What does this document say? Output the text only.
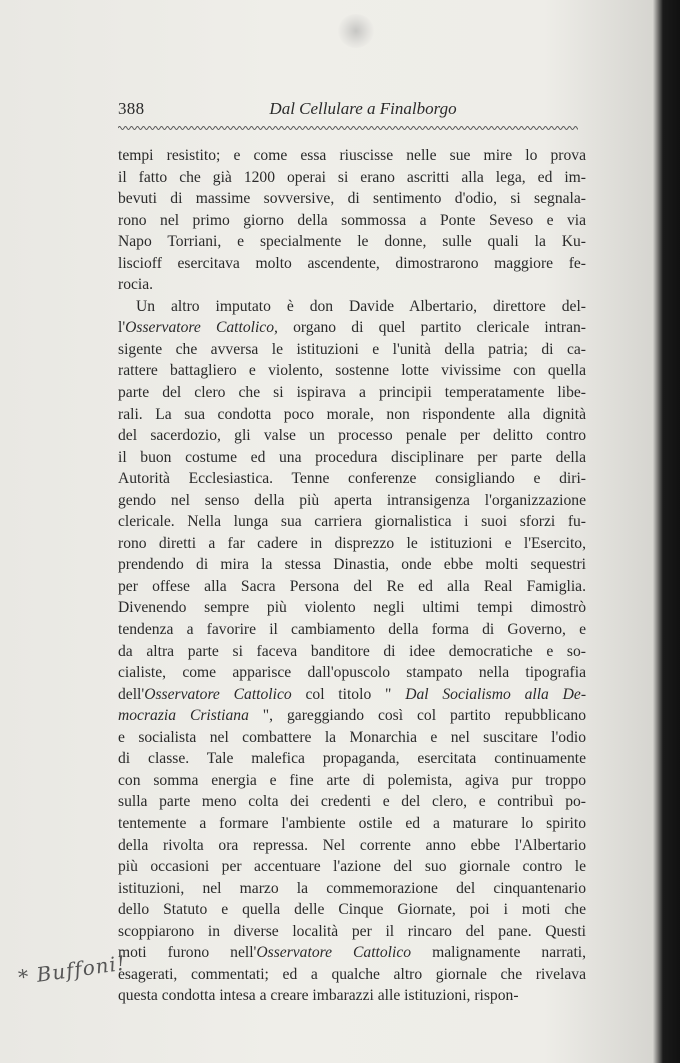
388	Dal Cellulare a Finalborgo
tempi resistito; e come essa riuscisse nelle sue mire lo prova
il fatto che già 1200 operai si erano ascritti alla lega, ed im-
bevuti di massime sovversive, di sentimento d'odio, si segnala-
rono nel primo giorno della sommossa a Ponte Seveso e via
Napo Torriani, e specialmente le donne, sulle quali la Ku-
liscioff esercitava molto ascendente, dimostrarono maggiore fe-
rocia.
Un altro imputato è don Davide Albertario, direttore del-
l'Osservatore Cattolico, organo di quel partito clericale intran-
sigente che avversa le istituzioni e l'unità della patria; di ca-
rattere battagliero e violento, sostenne lotte vivissime con quella
parte del clero che si ispirava a principii temperatamente libe-
rali. La sua condotta poco morale, non rispondente alla dignità
del sacerdozio, gli valse un processo penale per delitto contro
il buon costume ed una procedura disciplinare per parte della
Autorità Ecclesiastica. Tenne conferenze consigliando e diri-
gendo nel senso della più aperta intransigenza l'organizzazione
clericale. Nella lunga sua carriera giornalistica i suoi sforzi fu-
rono diretti a far cadere in disprezzo le istituzioni e l'Esercito,
prendendo di mira la stessa Dinastia, onde ebbe molti sequestri
per offese alla Sacra Persona del Re ed alla Real Famiglia.
Divenendo sempre più violento negli ultimi tempi dimostrò
tendenza a favorire il cambiamento della forma di Governo, e
da altra parte si faceva banditore di idee democratiche e so-
cialiste, come apparisce dall'opuscolo stampato nella tipografia
dell'Osservatore Cattolico col titolo " Dal Socialismo alla De-
mocrazia Cristiana ", gareggiando così col partito repubblicano
e socialista nel combattere la Monarchia e nel suscitare l'odio
di classe. Tale malefica propaganda, esercitata continuamente
con somma energia e fine arte di polemista, agiva pur troppo
sulla parte meno colta dei credenti e del clero, e contribuì po-
tentemente a formare l'ambiente ostile ed a maturare lo spirito
della rivolta ora repressa. Nel corrente anno ebbe l'Albertario
più occasioni per accentuare l'azione del suo giornale contro le
istituzioni, nel marzo la commemorazione del cinquantenario
dello Statuto e quella delle Cinque Giornate, poi i moti che
scoppiarono in diverse località per il rincaro del pane. Questi
moti furono nell'Osservatore Cattolico malignamente narrati,
esagerati, commentati; ed a qualche altro giornale che rivelava
questa condotta intesa a creare imbarazzi alle istituzioni, rispon-
* Buffoni!
